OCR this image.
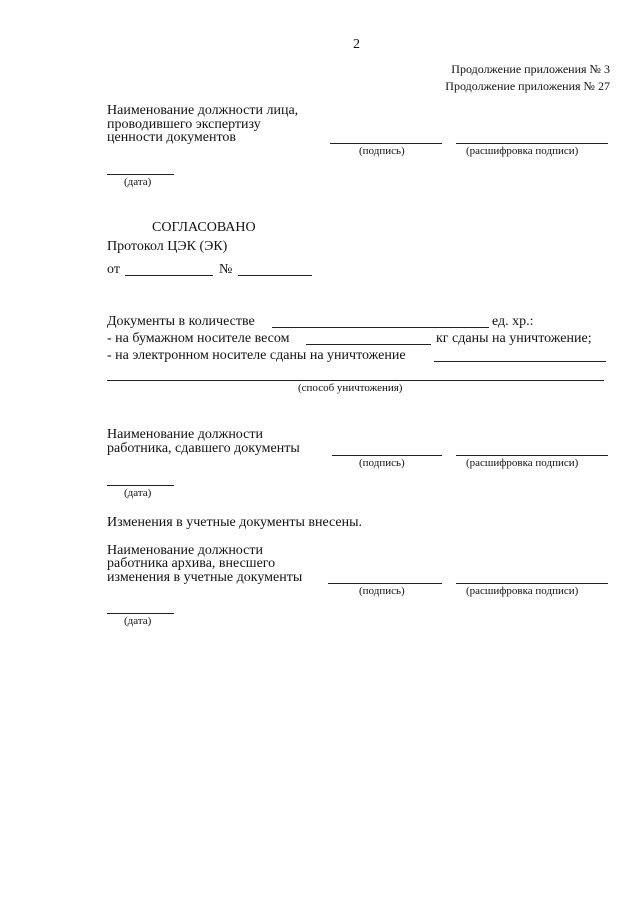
2
Продолжение приложения № 3
Продолжение приложения № 27
Наименование должности лица,
проводившего экспертизу
ценности документов
(подпись)	(расшифровка подписи)
(дата)
СОГЛАСОВАНО
Протокол ЦЭК (ЭК)
от	№
Документы в количестве	ед. хр.:
- на бумажном носителе весом	кг сданы на уничтожение;
- на электронном носителе сданы на уничтожение
(способ уничтожения)
Наименование должности
работника, сдавшего документы
(подпись)	(расшифровка подписи)
(дата)
Изменения в учетные документы внесены.
Наименование должности
работника архива, внесшего
изменения в учетные документы
(подпись)	(расшифровка подписи)
(дата)
